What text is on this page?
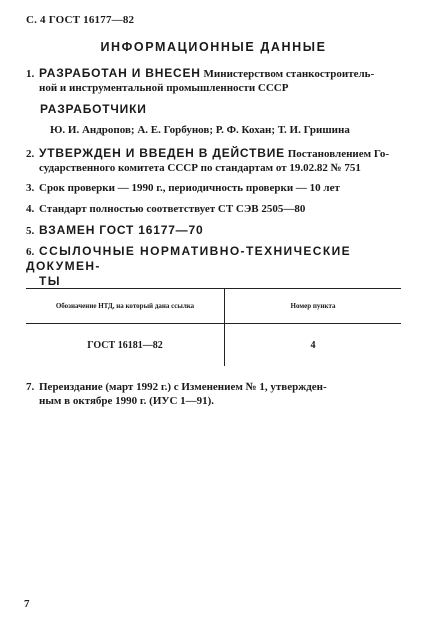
С. 4 ГОСТ 16177—82
ИНФОРМАЦИОННЫЕ ДАННЫЕ
1. РАЗРАБОТАН И ВНЕСЕН Министерством станкостроитель-
ной и инструментальной промышленности СССР
РАЗРАБОТЧИКИ
Ю. И. Андропов; А. Е. Горбунов; Р. Ф. Кохан; Т. И. Гришина
2. УТВЕРЖДЕН И ВВЕДЕН В ДЕЙСТВИЕ Постановлением Го-
сударственного комитета СССР по стандартам от 19.02.82 № 751
3. Срок проверки — 1990 г., периодичность проверки — 10 лет
4. Стандарт полностью соответствует СТ СЭВ 2505—80
5. ВЗАМЕН ГОСТ 16177—70
6. ССЫЛОЧНЫЕ НОРМАТИВНО-ТЕХНИЧЕСКИЕ ДОКУМЕН-
ТЫ
Обозначение НТД, на который дана ссылка	Номер пункта
ГОСТ 16181—82	4
7. Переиздание (март 1992 г.) с Изменением № 1, утвержден-
ным в октябре 1990 г. (ИУС 1—91).
7
